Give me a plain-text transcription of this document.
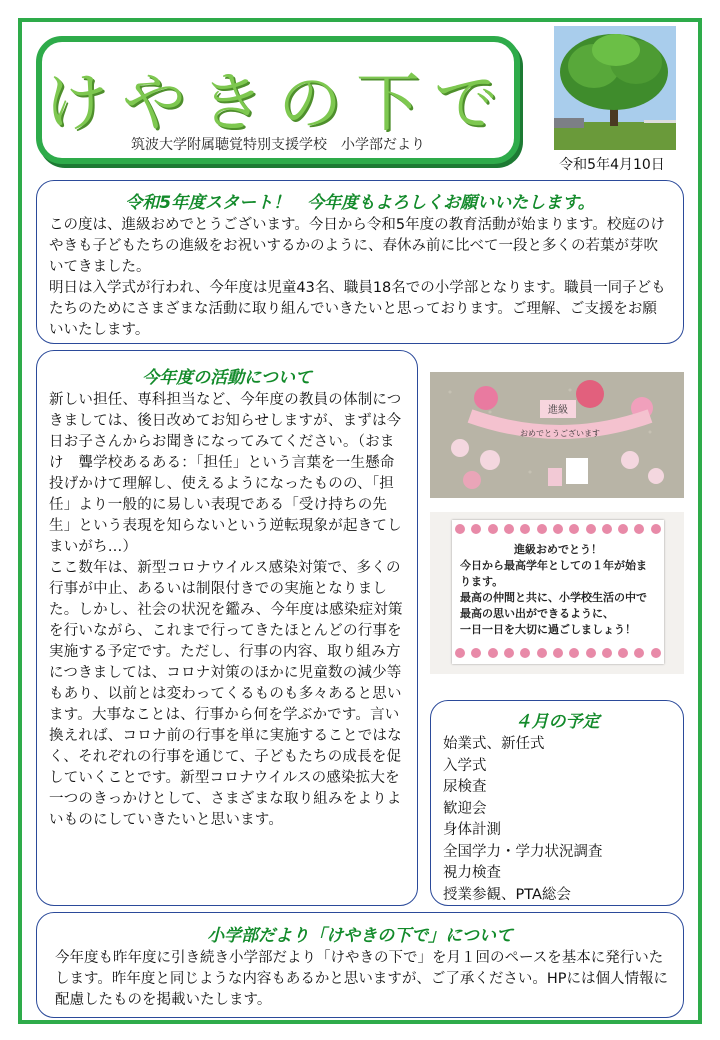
けやきの下で
筑波大学附属聴覚特別支援学校　小学部だより
令和5年4月10日
令和5年度スタート！　今年度もよろしくお願いいたします。

この度は、進級おめでとうございます。今日から令和5年度の教育活動が始まります。校庭のけやきも子どもたちの進級をお祝いするかのように、春休み前に比べて一段と多くの若葉が芽吹いてきました。

明日は入学式が行われ、今年度は児童43名、職員18名での小学部となります。職員一同子どもたちのためにさまざまな活動に取り組んでいきたいと思っております。ご理解、ご支援をお願いいたします。

今年度の活動について

新しい担任、専科担当など、今年度の教員の体制につきましては、後日改めてお知らせしますが、まずは今日お子さんからお聞きになってみてください。（おまけ　聾学校あるある：「担任」という言葉を一生懸命投げかけて理解し、使えるようになったものの、「担任」より一般的に易しい表現である「受け持ちの先生」という表現を知らないという逆転現象が起きてしまいがち…）

ここ数年は、新型コロナウイルス感染対策で、多くの行事が中止、あるいは制限付きでの実施となりました。しかし、社会の状況を鑑み、今年度は感染症対策を行いながら、これまで行ってきたほとんどの行事を実施する予定です。ただし、行事の内容、取り組み方につきましては、コロナ対策のほかに児童数の減少等もあり、以前とは変わってくるものも多々あると思います。大事なことは、行事から何を学ぶかです。言い換えれば、コロナ前の行事を単に実施することではなく、それぞれの行事を通じて、子どもたちの成長を促していくことです。新型コロナウイルスの感染拡大を一つのきっかけとして、さまざまな取り組みをよりよいものにしていきたいと思います。

進級
おめでとうございます
進級おめでとう！
今日から最高学年としての１年が始まります。
最高の仲間と共に、小学校生活の中で最高の思い出ができるように、
一日一日を大切に過ごしましょう！
４月の予定
始業式、新任式
入学式
尿検査
歓迎会
身体計測
全国学力・学力状況調査
視力検査
授業参観、PTA総会
小学部だより「けやきの下で」について

今年度も昨年度に引き続き小学部だより「けやきの下で」を月１回のペースを基本に発行いたします。昨年度と同じような内容もあるかと思いますが、ご了承ください。HPには個人情報に配慮したものを掲載いたします。
